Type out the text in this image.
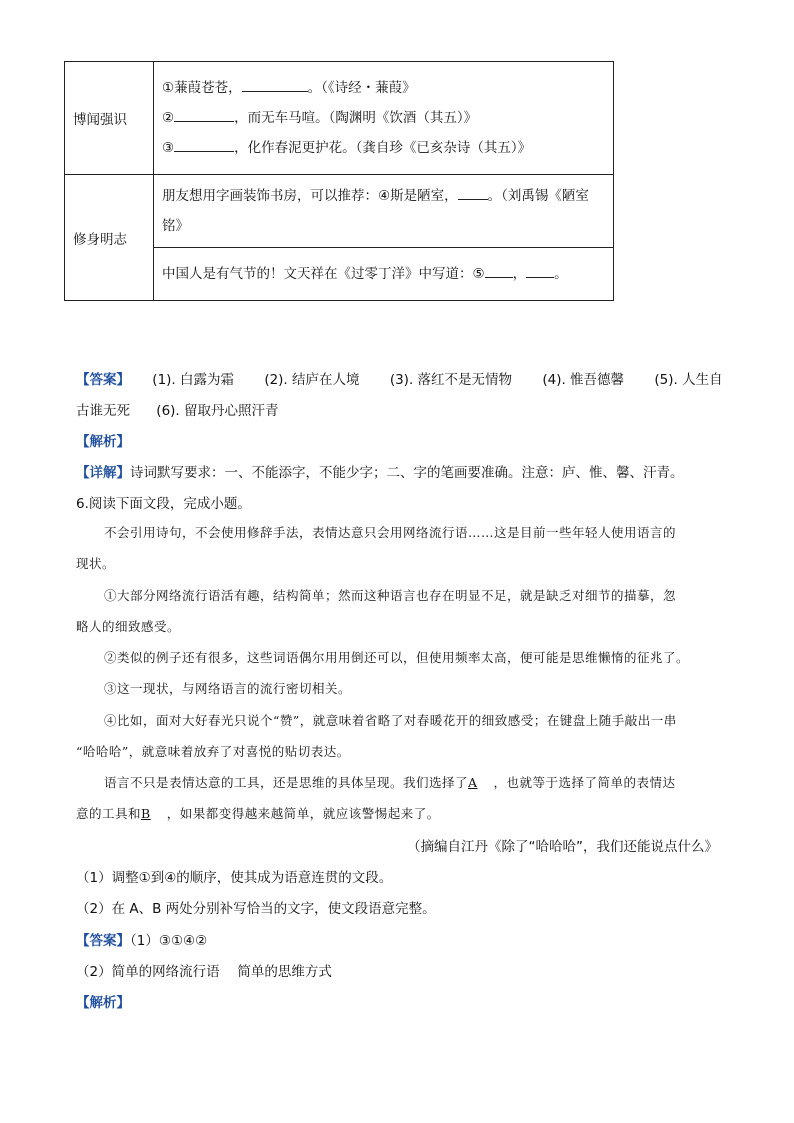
博闻强识	①蒹葭苍苍， 。（《诗经・蒹葭》
② ，而无车马喧。（陶渊明《饮酒（其五）》
③ ，化作春泥更护花。（龚自珍《已亥杂诗（其五）》

修身明志	朋友想用字画装饰书房，可以推荐：④斯是陋室， 。（刘禹锡《陋室铭》

	中国人是有气节的！文天祥在《过零丁洋》中写道：⑤ ， 。
【答案】 (1). 白露为霜 (2). 结庐在人境 (3). 落红不是无情物 (4). 惟吾德馨 (5). 人生自
古谁无死 (6). 留取丹心照汗青
【解析】
【详解】诗词默写要求：一、不能添字，不能少字；二、字的笔画要准确。注意：庐、惟、馨、汗青。
6.阅读下面文段，完成小题。
不会引用诗句，不会使用修辞手法，表情达意只会用网络流行语……这是目前一些年轻人使用语言的
现状。
①大部分网络流行语活有趣，结构简单；然而这种语言也存在明显不足，就是缺乏对细节的描摹，忽
略人的细致感受。
②类似的例子还有很多，这些词语偶尔用用倒还可以，但使用频率太高，便可能是思维懒惰的征兆了。
③这一现状，与网络语言的流行密切相关。
④比如，面对大好春光只说个“赞”，就意味着省略了对春暖花开的细致感受；在键盘上随手敲出一串
“哈哈哈”，就意味着放弃了对喜悦的贴切表达。
语言不只是表情达意的工具，还是思维的具体呈现。我们选择了A ，也就等于选择了简单的表情达
意的工具和B ，如果都变得越来越简单，就应该警惕起来了。
（摘编自江丹《除了“哈哈哈”，我们还能说点什么》
（1）调整①到④的顺序，使其成为语意连贯的文段。
（2）在 A、B 两处分别补写恰当的文字，使文段语意完整。
【答案】（1）③①④②
（2）简单的网络流行语　 简单的思维方式
【解析】
